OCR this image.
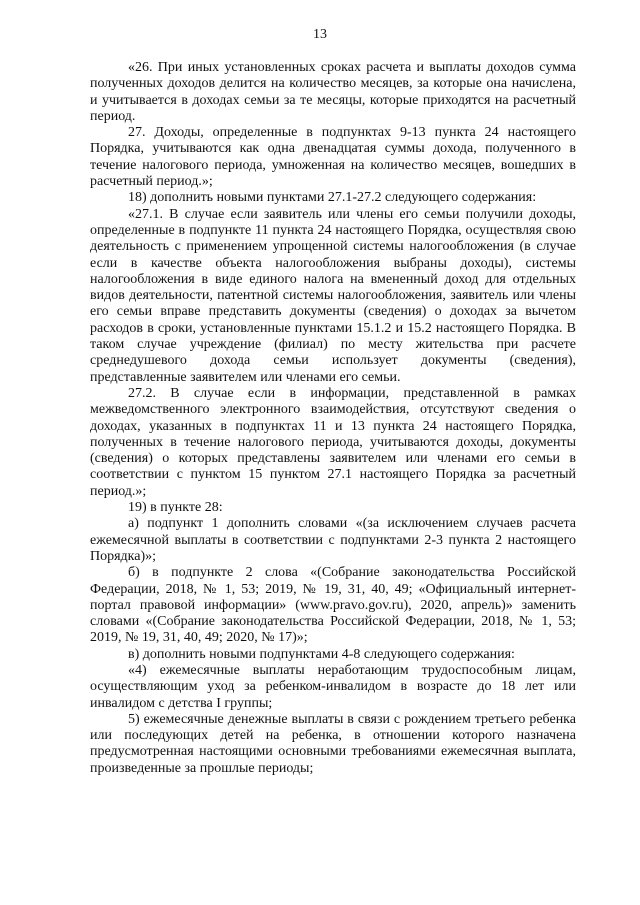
13

«26. При иных установленных сроках расчета и выплаты доходов сумма полученных доходов делится на количество месяцев, за которые она начислена, и учитывается в доходах семьи за те месяцы, которые приходятся на расчетный период.

27. Доходы, определенные в подпунктах 9-13 пункта 24 настоящего Порядка, учитываются как одна двенадцатая суммы дохода, полученного в течение налогового периода, умноженная на количество месяцев, вошедших в расчетный период.»;

18) дополнить новыми пунктами 27.1-27.2 следующего содержания:

«27.1. В случае если заявитель или члены его семьи получили доходы, определенные в подпункте 11 пункта 24 настоящего Порядка, осуществляя свою деятельность с применением упрощенной системы налогообложения (в случае если в качестве объекта налогообложения выбраны доходы), системы налогообложения в виде единого налога на вмененный доход для отдельных видов деятельности, патентной системы налогообложения, заявитель или члены его семьи вправе представить документы (сведения) о доходах за вычетом расходов в сроки, установленные пунктами 15.1.2 и 15.2 настоящего Порядка. В таком случае учреждение (филиал) по месту жительства при расчете среднедушевого дохода семьи использует документы (сведения), представленные заявителем или членами его семьи.

27.2. В случае если в информации, представленной в рамках межведомственного электронного взаимодействия, отсутствуют сведения о доходах, указанных в подпунктах 11 и 13 пункта 24 настоящего Порядка, полученных в течение налогового периода, учитываются доходы, документы (сведения) о которых представлены заявителем или членами его семьи в соответствии с пунктом 15 пунктом 27.1 настоящего Порядка за расчетный период.»;

19) в пункте 28:

а) подпункт 1 дополнить словами «(за исключением случаев расчета ежемесячной выплаты в соответствии с подпунктами 2-3 пункта 2 настоящего Порядка)»;

б) в подпункте 2 слова «(Собрание законодательства Российской Федерации, 2018, № 1, 53; 2019, № 19, 31, 40, 49; «Официальный интернет-портал правовой информации» (www.pravo.gov.ru), 2020, апрель)» заменить словами «(Собрание законодательства Российской Федерации, 2018, № 1, 53; 2019, № 19, 31, 40, 49; 2020, № 17)»;

в) дополнить новыми подпунктами 4-8 следующего содержания:

«4) ежемесячные выплаты неработающим трудоспособным лицам, осуществляющим уход за ребенком-инвалидом в возрасте до 18 лет или инвалидом с детства I группы;

5) ежемесячные денежные выплаты в связи с рождением третьего ребенка или последующих детей на ребенка, в отношении которого назначена предусмотренная настоящими основными требованиями ежемесячная выплата, произведенные за прошлые периоды;
